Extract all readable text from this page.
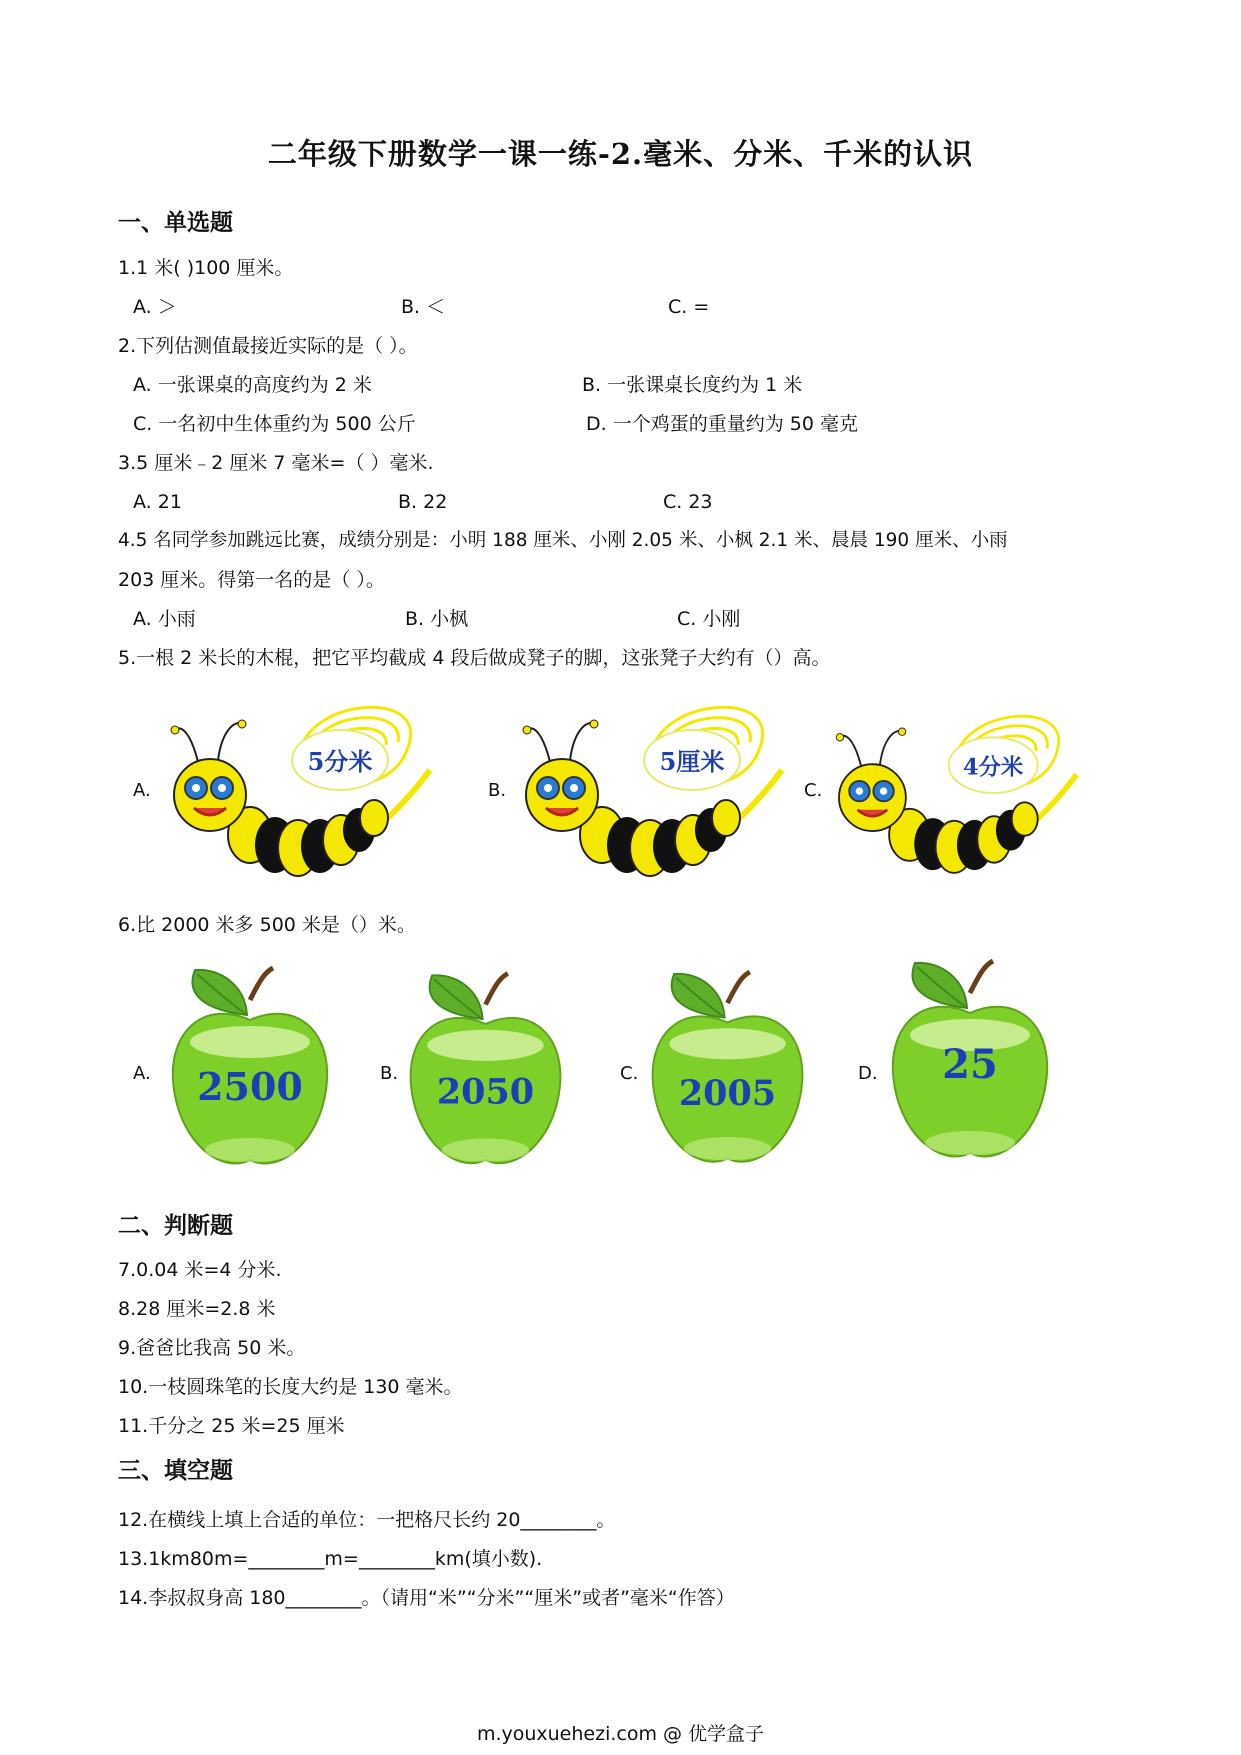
二年级下册数学一课一练-2.毫米、分米、千米的认识
一、单选题
1.1 米( )100 厘米。
A. ＞	B. ＜	C. =
2.下列估测值最接近实际的是（ ）。
A. 一张课桌的高度约为 2 米	B. 一张课桌长度约为 1 米
C. 一名初中生体重约为 500 公斤	D. 一个鸡蛋的重量约为 50 毫克
3.5 厘米﹣2 厘米 7 毫米=（ ）毫米.
A. 21	B. 22	C. 23
4.5 名同学参加跳远比赛，成绩分别是：小明 188 厘米、小刚 2.05 米、小枫 2.1 米、晨晨 190 厘米、小雨
203 厘米。得第一名的是（ ）。
A. 小雨	B. 小枫	C. 小刚
5.一根 2 米长的木棍，把它平均截成 4 段后做成凳子的脚，这张凳子大约有（）高。
A.	B.	C.
5分米	5厘米	4分米
6.比 2000 米多 500 米是（）米。
A.	B.	C.	D.
2500	2050	2005
25
二、判断题
7.0.04 米=4 分米.
8.28 厘米=2.8 米
9.爸爸比我高 50 米。
10.一枝圆珠笔的长度大约是 130 毫米。
11.千分之 25 米=25 厘米
三、填空题
12.在横线上填上合适的单位：一把格尺长约 20________。
13.1km80m=________m=________km(填小数).
14.李叔叔身高 180________。（请用“米”“分米”“厘米”或者”毫米“作答）
m.youxuehezi.com @ 优学盒子
